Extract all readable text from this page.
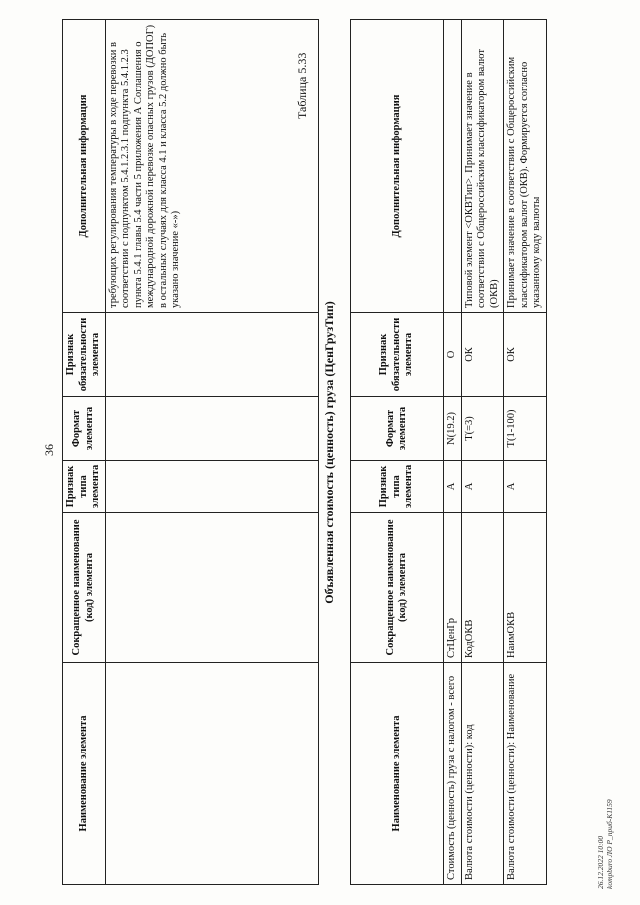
36
Наименование элемента	Сокращенное наименование (код) элемента	Признак типа элемента	Формат элемента	Признак обязательности элемента	Дополнительная информация
					требующих регулирования температуры в ходе перевозки в соответствии с подпунктом 5.4.1.2.3.1 подпункта 5.4.1.2.3 пункта 5.4.1 главы 5.4 части 5 приложения А Соглашения о международной дорожной перевозке опасных грузов (ДОПОГ) в остальных случаях для класса 4.1 и класса 5.2 должно быть указано значение «-»)
Таблица 5.33
Объявленная стоимость (ценность) груза (ЦенГрузТип)
Наименование элемента	Сокращенное наименование (код) элемента	Признак типа элемента	Формат элемента	Признак обязательности элемента	Дополнительная информация
Стоимость (ценность) груза с налогом - всего	СтЦенГр	А	N(19.2)	О	
Валюта стоимости (ценности): код	КодОКВ	А	T(=3)	ОК	Типовой элемент <ОКВТип>. Принимает значение в соответствии с Общероссийским классификатором валют (ОКВ)
Валюта стоимости (ценности): Наименование	НаимОКВ	А	T(1-100)	ОК	Принимает значение в соответствии с Общероссийским классификатором валют (ОКВ). Формируется согласно указанному коду валюты
26.12.2022 10:00 kompburo ЛО P_приб-К1159
